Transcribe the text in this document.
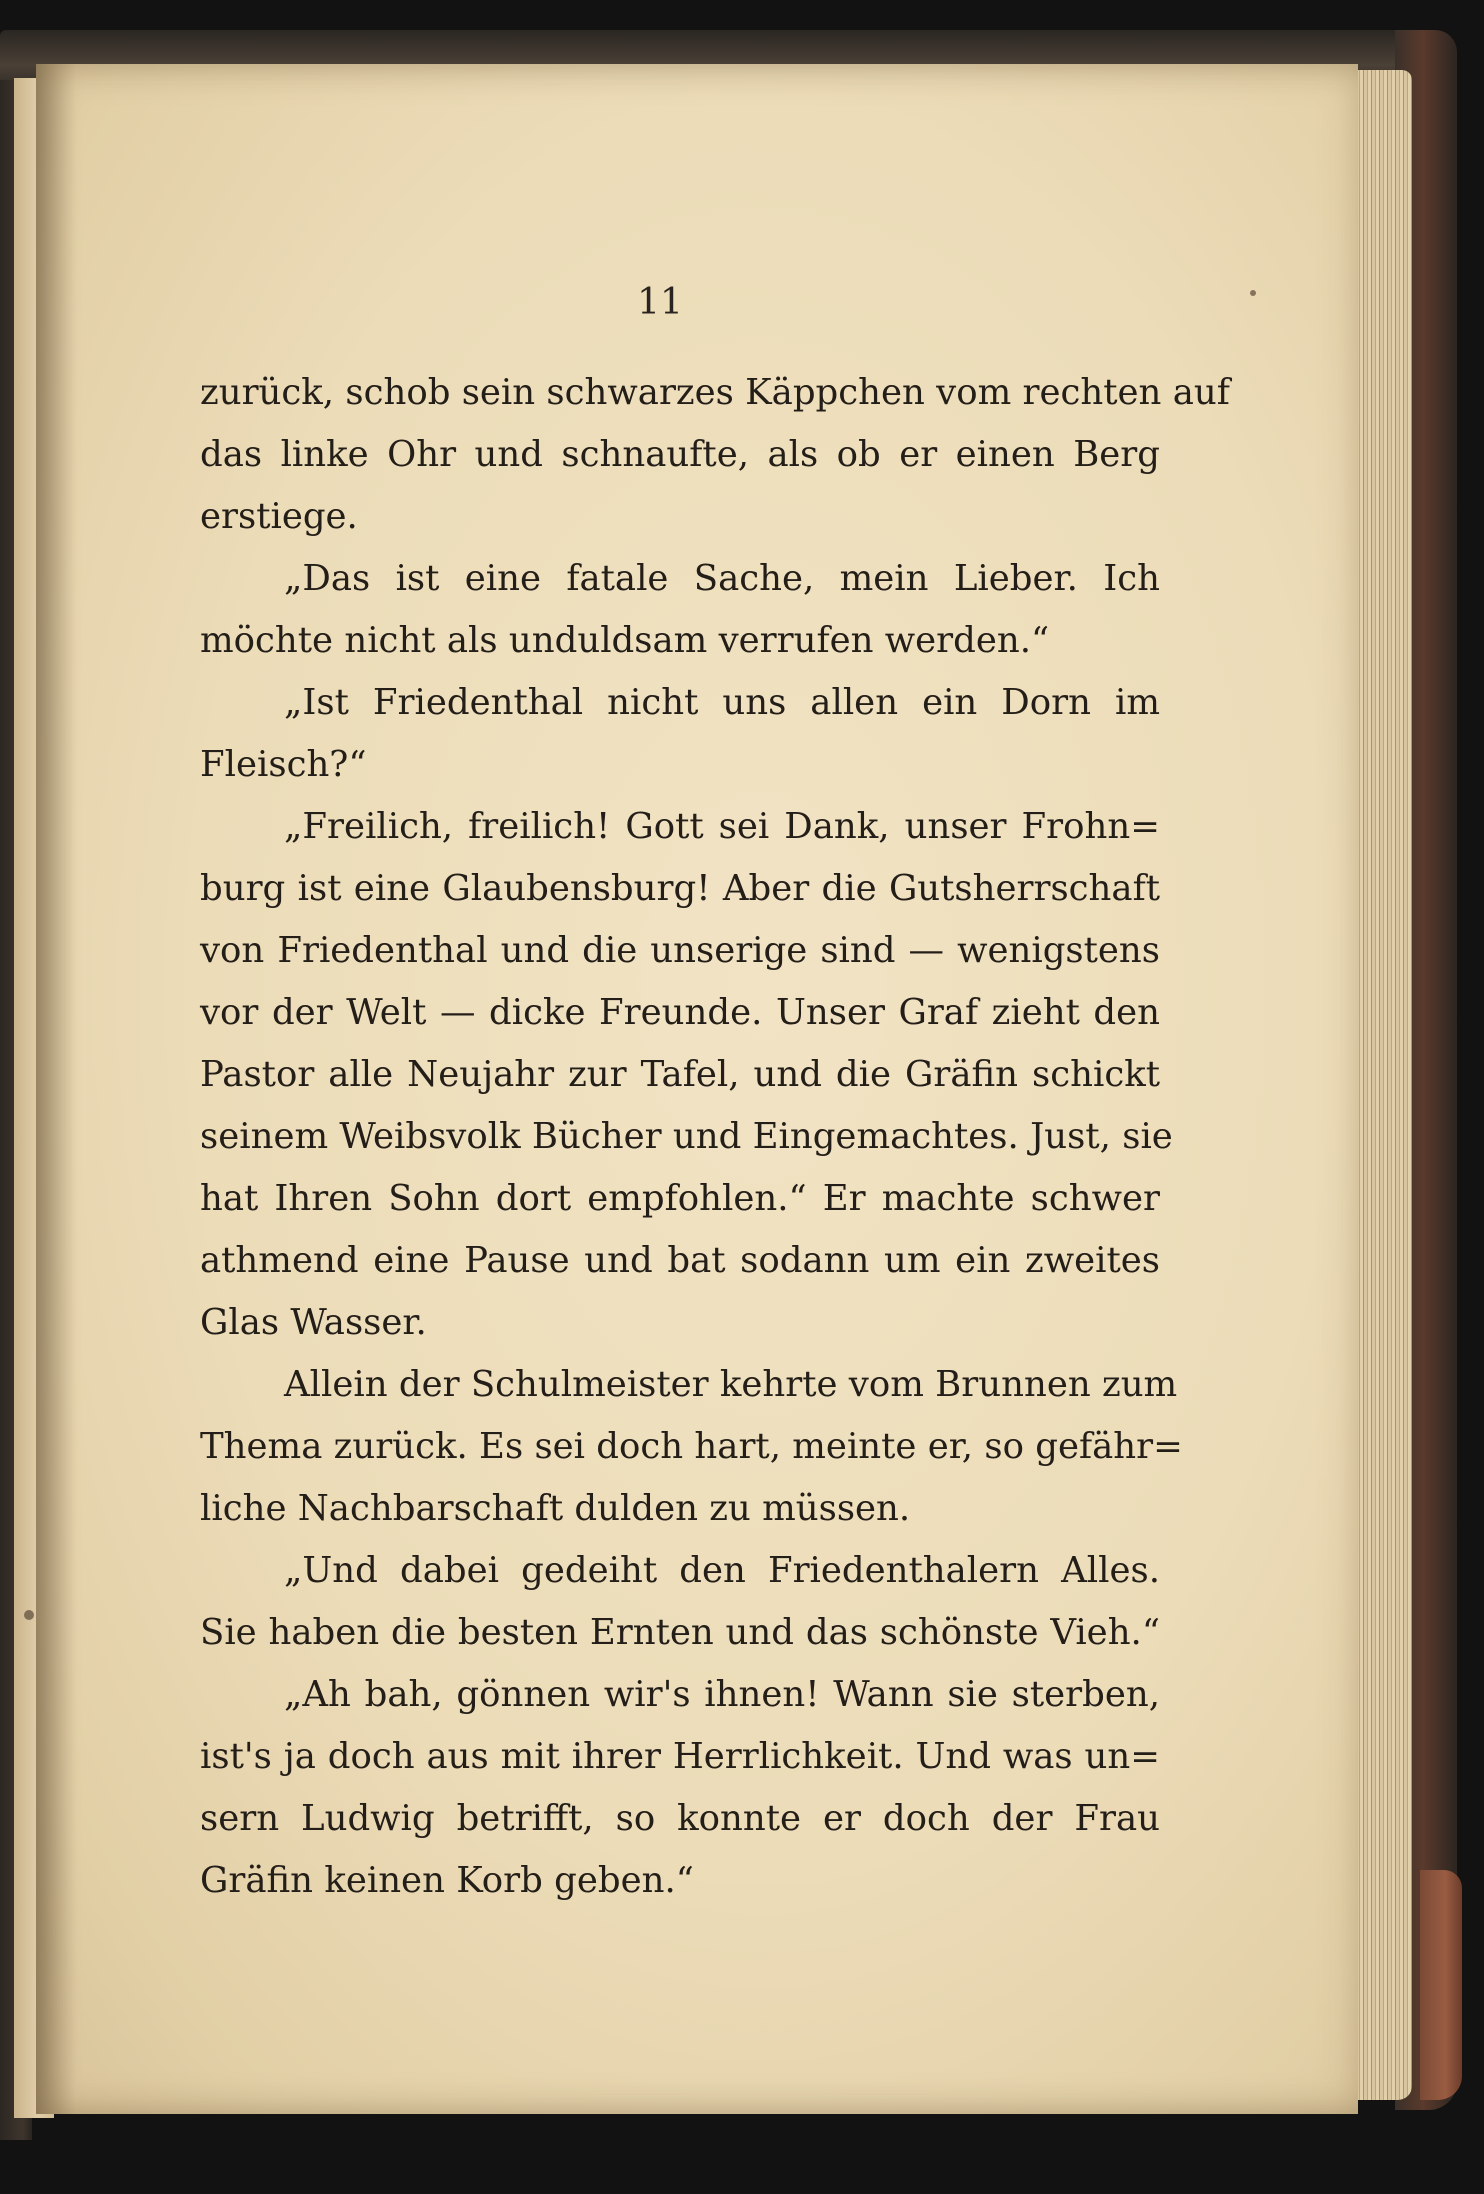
11
zurück, schob sein schwarzes Käppchen vom rechten auf
das linke Ohr und schnaufte, als ob er einen Berg
erstiege.
„Das ist eine fatale Sache, mein Lieber. Ich
möchte nicht als unduldsam verrufen werden.“
„Ist Friedenthal nicht uns allen ein Dorn im
Fleisch?“
„Freilich, freilich! Gott sei Dank, unser Frohn=
burg ist eine Glaubensburg! Aber die Gutsherrschaft
von Friedenthal und die unserige sind — wenigstens
vor der Welt — dicke Freunde. Unser Graf zieht den
Pastor alle Neujahr zur Tafel, und die Gräfin schickt
seinem Weibsvolk Bücher und Eingemachtes. Just, sie
hat Ihren Sohn dort empfohlen.“ Er machte schwer
athmend eine Pause und bat sodann um ein zweites
Glas Wasser.
Allein der Schulmeister kehrte vom Brunnen zum
Thema zurück. Es sei doch hart, meinte er, so gefähr=
liche Nachbarschaft dulden zu müssen.
„Und dabei gedeiht den Friedenthalern Alles.
Sie haben die besten Ernten und das schönste Vieh.“
„Ah bah, gönnen wir's ihnen! Wann sie sterben,
ist's ja doch aus mit ihrer Herrlichkeit. Und was un=
sern Ludwig betrifft, so konnte er doch der Frau
Gräfin keinen Korb geben.“
